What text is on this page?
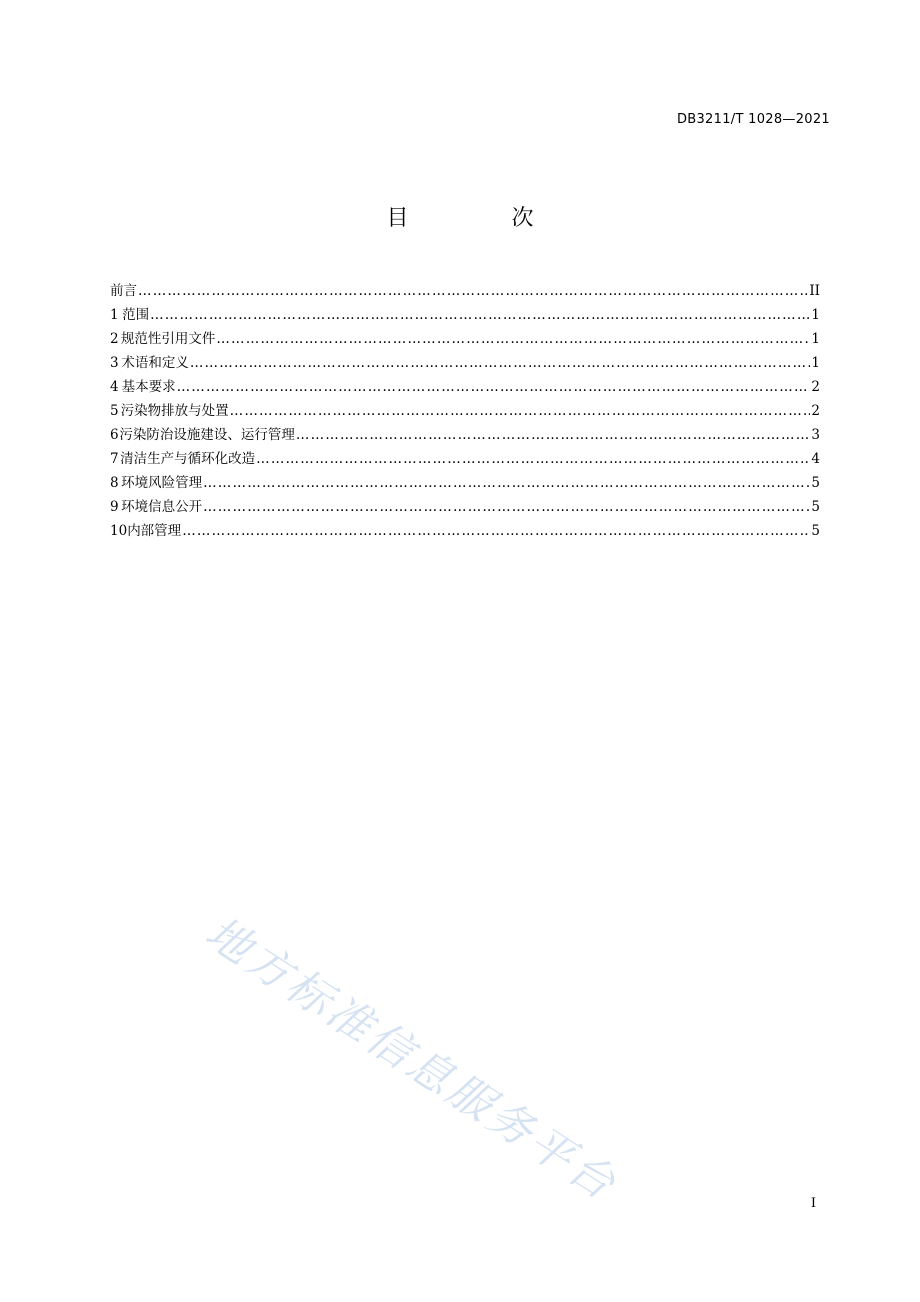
DB3211/T 1028—2021
目 次
前言 ………………………………………………………………………………………………………………………………………………………………………………………………………………………………………………………	II
1 范围 ………………………………………………………………………………………………………………………………………………………………………………………………………………………………………………………	1
2 规范性引用文件 ………………………………………………………………………………………………………………………………………………………………………………………………………………………………………………………	1
3 术语和定义 ………………………………………………………………………………………………………………………………………………………………………………………………………………………………………………………	1
4 基本要求 ………………………………………………………………………………………………………………………………………………………………………………………………………………………………………………………	2
5 污染物排放与处置 ………………………………………………………………………………………………………………………………………………………………………………………………………………………………………………………	2
6 污染防治设施建设、运行管理 ………………………………………………………………………………………………………………………………………………………………………………………………………………………………………………………	3
7 清洁生产与循环化改造 ………………………………………………………………………………………………………………………………………………………………………………………………………………………………………………………	4
8 环境风险管理 ………………………………………………………………………………………………………………………………………………………………………………………………………………………………………………………	5
9 环境信息公开 ………………………………………………………………………………………………………………………………………………………………………………………………………………………………………………………	5
10 内部管理 ………………………………………………………………………………………………………………………………………………………………………………………………………………………………………………………	5
地方标准信息服务平台	I
